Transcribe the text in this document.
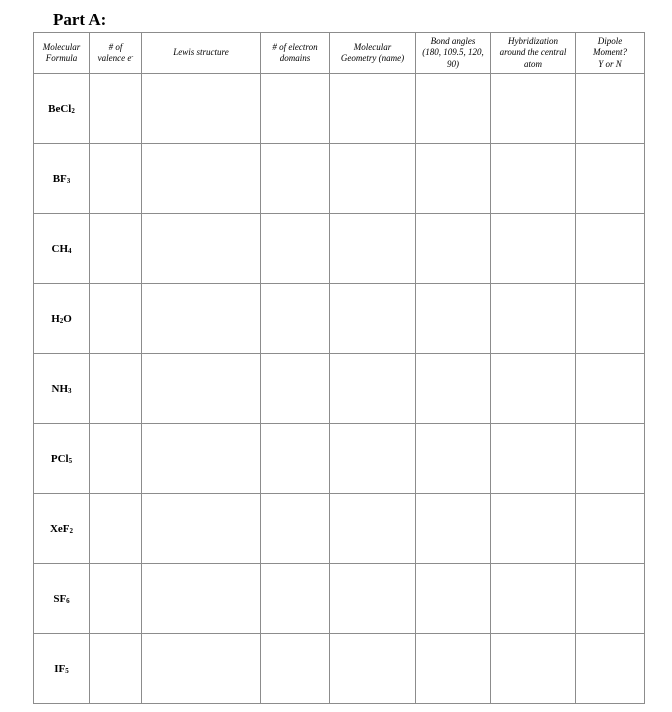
Part A:
Molecular
Formula	# of
valence e-	Lewis structure	# of electron
domains	Molecular
Geometry (name)	Bond angles
(180, 109.5, 120,
90)	Hybridization
around the central
atom	Dipole
Moment?
Y or N

BeCl$_2$							
$BF_3$							
$CH_4$							
$H_2O$							
$NH_3$							
PCl$_5$							
XeF$_2$							
$SF_6$							
$IF_5$							
